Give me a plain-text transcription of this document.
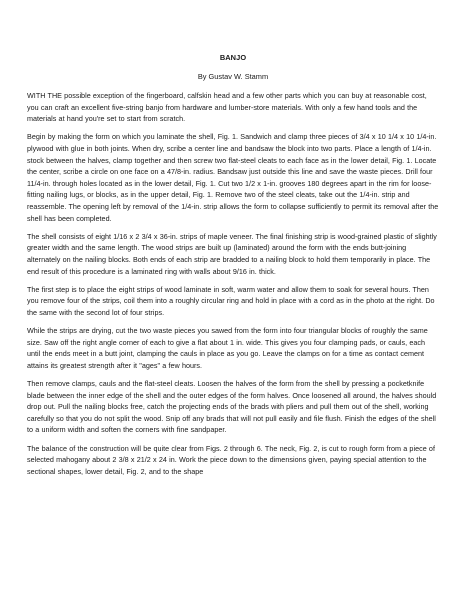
BANJO
By Gustav W. Stamm

WITH THE possible exception of the fingerboard, calfskin head and a few other parts which you can buy at reasonable cost, you can craft an excellent five-string banjo from hardware and lumber-store materials. With only a few hand tools and the materials at hand you're set to start from scratch.

Begin by making the form on which you laminate the shell, Fig. 1. Sandwich and clamp three pieces of 3/4 x 10 1/4 x 10 1/4-in. plywood with glue in both joints. When dry, scribe a center line and bandsaw the block into two parts. Place a length of 1/4-in. stock between the halves, clamp together and then screw two flat-steel cleats to each face as in the lower detail, Fig. 1. Locate the center, scribe a circle on one face on a 47/8-in. radius. Bandsaw just outside this line and save the waste pieces. Drill four 11/4-in. through holes located as in the lower detail, Fig. 1. Cut two 1/2 x 1-in. grooves 180 degrees apart in the rim for loose-fitting nailing lugs, or blocks, as in the upper detail, Fig. 1. Remove two of the steel cleats, take out the 1/4-in. strip and reassemble. The opening left by removal of the 1/4-in. strip allows the form to collapse sufficiently to permit its removal after the shell has been completed.

The shell consists of eight 1/16 x 2 3/4 x 36-in. strips of maple veneer. The final finishing strip is wood-grained plastic of slightly greater width and the same length. The wood strips are built up (laminated) around the form with the ends butt-joining alternately on the nailing blocks. Both ends of each strip are bradded to a nailing block to hold them temporarily in place. The end result of this procedure is a laminated ring with walls about 9/16 in. thick.

The first step is to place the eight strips of wood laminate in soft, warm water and allow them to soak for several hours. Then you remove four of the strips, coil them into a roughly circular ring and hold in place with a cord as in the photo at the right. Do the same with the second lot of four strips.

While the strips are drying, cut the two waste pieces you sawed from the form into four triangular blocks of roughly the same size. Saw off the right angle corner of each to give a flat about 1 in. wide. This gives you four clamping pads, or cauls, each until the ends meet in a butt joint, clamping the cauls in place as you go. Leave the clamps on for a time as contact cement attains its greatest strength after it "ages" a few hours.

Then remove clamps, cauls and the flat-steel cleats. Loosen the halves of the form from the shell by pressing a pocketknife blade between the inner edge of the shell and the outer edges of the form halves. Once loosened all around, the halves should drop out. Pull the nailing blocks free, catch the projecting ends of the brads with pliers and pull them out of the shell, working carefully so that you do not split the wood. Snip off any brads that will not pull easily and file flush. Finish the edges of the shell to a uniform width and soften the corners with fine sandpaper.

The balance of the construction will be quite clear from Figs. 2 through 6. The neck, Fig. 2, is cut to rough form from a piece of selected mahogany about 2 3/8 x 21/2 x 24 in. Work the piece down to the dimensions given, paying special attention to the sectional shapes, lower detail, Fig. 2, and to the shape
